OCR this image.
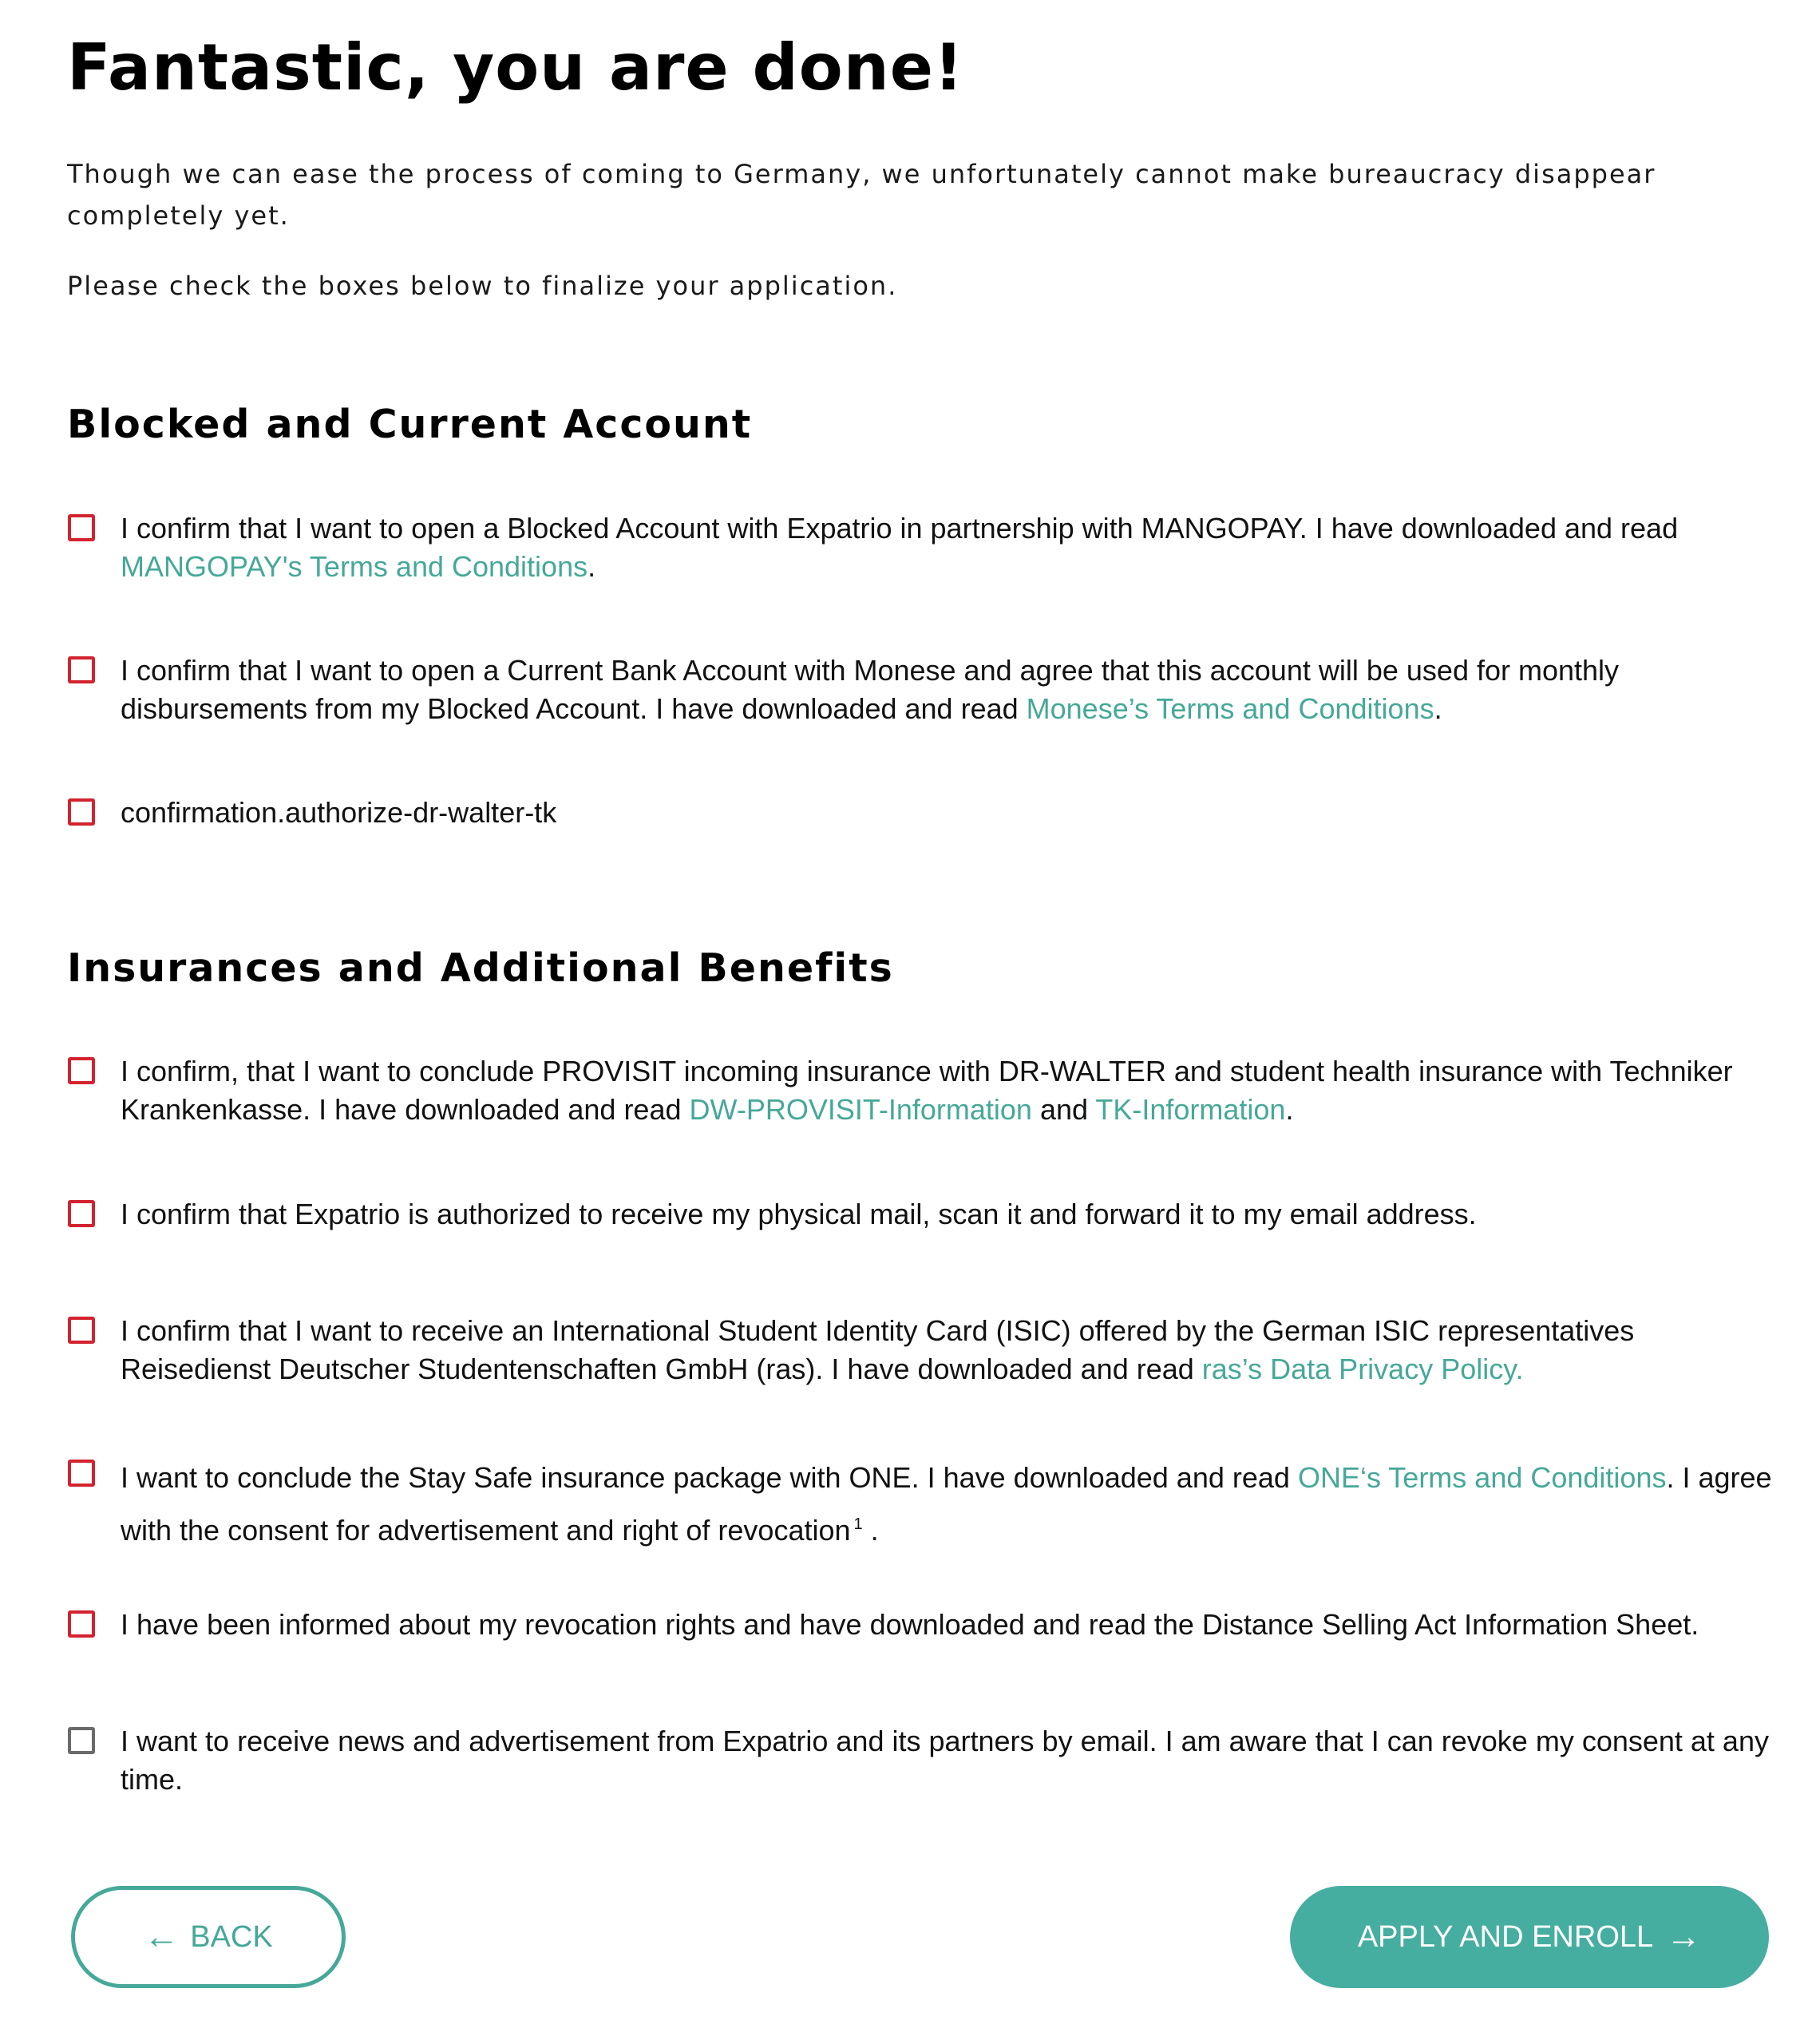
Fantastic, you are done!

Though we can ease the process of coming to Germany, we unfortunately cannot make bureaucracy disappear completely yet.

Please check the boxes below to finalize your application.

Blocked and Current Account

I confirm that I want to open a Blocked Account with Expatrio in partnership with MANGOPAY. I have downloaded and read MANGOPAY's Terms and Conditions.

I confirm that I want to open a Current Bank Account with Monese and agree that this account will be used for monthly disbursements from my Blocked Account. I have downloaded and read Monese’s Terms and Conditions.

confirmation.authorize-dr-walter-tk

Insurances and Additional Benefits

I confirm, that I want to conclude PROVISIT incoming insurance with DR-WALTER and student health insurance with Techniker Krankenkasse. I have downloaded and read DW-PROVISIT-Information and TK-Information.

I confirm that Expatrio is authorized to receive my physical mail, scan it and forward it to my email address.

I confirm that I want to receive an International Student Identity Card (ISIC) offered by the German ISIC representatives Reisedienst Deutscher Studentenschaften GmbH (ras). I have downloaded and read ras’s Data Privacy Policy.

I want to conclude the Stay Safe insurance package with ONE. I have downloaded and read ONE‘s Terms and Conditions. I agree with the consent for advertisement and right of revocation $^1$ .

I have been informed about my revocation rights and have downloaded and read the Distance Selling Act Information Sheet.

I want to receive news and advertisement from Expatrio and its partners by email. I am aware that I can revoke my consent at any time.

← BACK	APPLY AND ENROLL →
